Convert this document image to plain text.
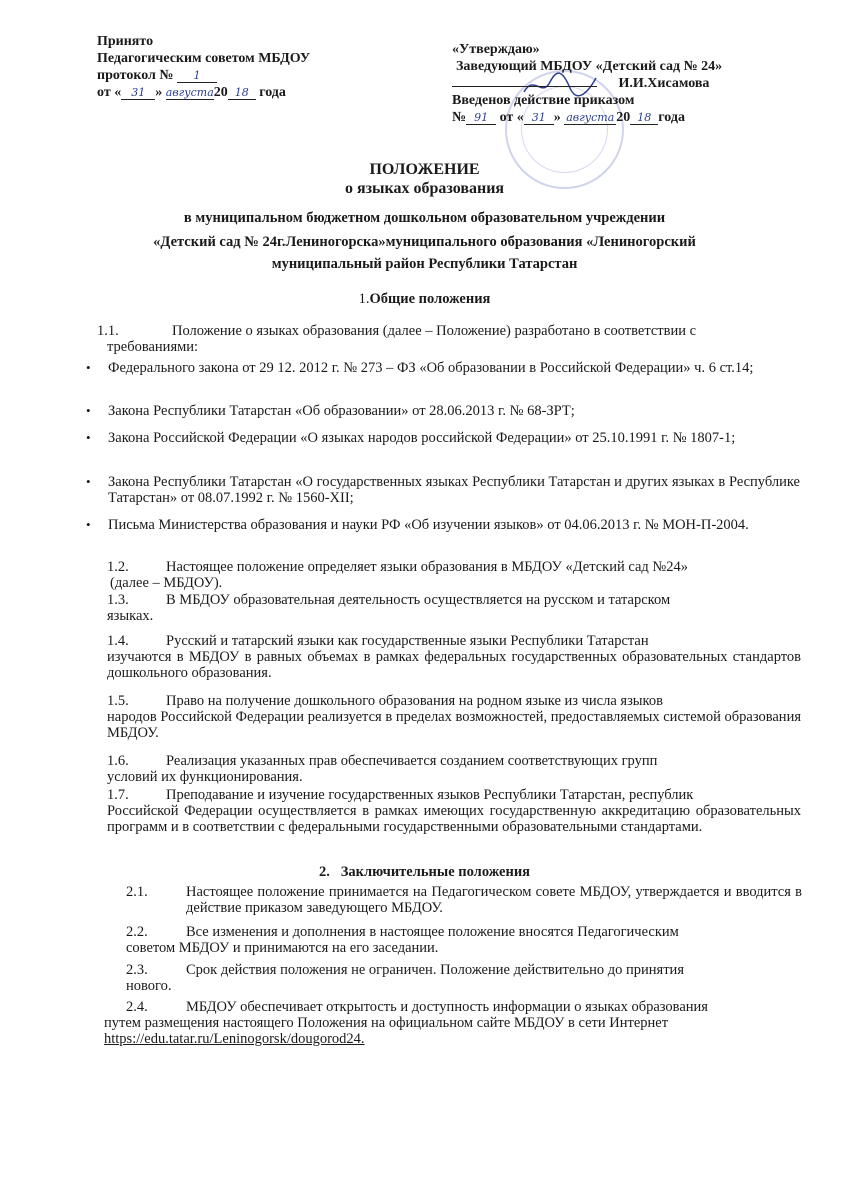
Принято
Педагогическим советом МБДОУ
протокол № 1
от « 31 » августа20 18 года
«Утверждаю»
Заведующий МБДОУ «Детский сад № 24»
И.И.Хисамова
Введенов действие приказом
№ 91 от « 31 » августа 20 18 года
ПОЛОЖЕНИЕ
о языках образования
в муниципальном бюджетном дошкольном образовательном учреждении
«Детский сад № 24г.Лениногорска»муниципального образования «Лениногорский
муниципальный район Республики Татарстан
1.Общие положения
1.1.	Положение о языках образования (далее – Положение) разработано в соответствии с
требованиями:
• Федерального закона от 29 12. 2012 г. № 273 – ФЗ «Об образовании в Российской Федерации» ч. 6 ст.14;
• Закона Республики Татарстан «Об образовании» от 28.06.2013 г. № 68-ЗРТ;
• Закона Российской Федерации «О языках народов российской Федерации» от 25.10.1991 г. № 1807-1;
• Закона Республики Татарстан «О государственных языках Республики Татарстан и других языках в Республике Татарстан» от 08.07.1992 г. № 1560-XII;
• Письма Министерства образования и науки РФ «Об изучении языков» от 04.06.2013 г. № МОН-П-2004.
1.2.	Настоящее положение определяет языки образования в МБДОУ «Детский сад №24»
(далее – МБДОУ).
1.3.	В МБДОУ образовательная деятельность осуществляется на русском и татарском
языках.
1.4.	Русский и татарский языки как государственные языки Республики Татарстан
изучаются в МБДОУ в равных объемах в рамках федеральных государственных образовательных стандартов дошкольного образования.
1.5.	Право на получение дошкольного образования на родном языке из числа языков
народов Российской Федерации реализуется в пределах возможностей, предоставляемых системой образования МБДОУ.
1.6.	Реализация указанных прав обеспечивается созданием соответствующих групп
условий их функционирования.
1.7.	Преподавание и изучение государственных языков Республики Татарстан, республик
Российской Федерации осуществляется в рамках имеющих государственную аккредитацию образовательных программ и в соответствии с федеральными государственными образовательными стандартами.
2. Заключительные положения
2.1.	Настоящее положение принимается на Педагогическом совете МБДОУ, утверждается и вводится в действие приказом заведующего МБДОУ.
2.2.	Все изменения и дополнения в настоящее положение вносятся Педагогическим
советом МБДОУ и принимаются на его заседании.
2.3.	Срок действия положения не ограничен. Положение действительно до принятия
нового.
2.4.	МБДОУ обеспечивает открытость и доступность информации о языках образования
путем размещения настоящего Положения на официальном сайте МБДОУ в сети Интернет
https://edu.tatar.ru/Leninogorsk/dougorod24.
